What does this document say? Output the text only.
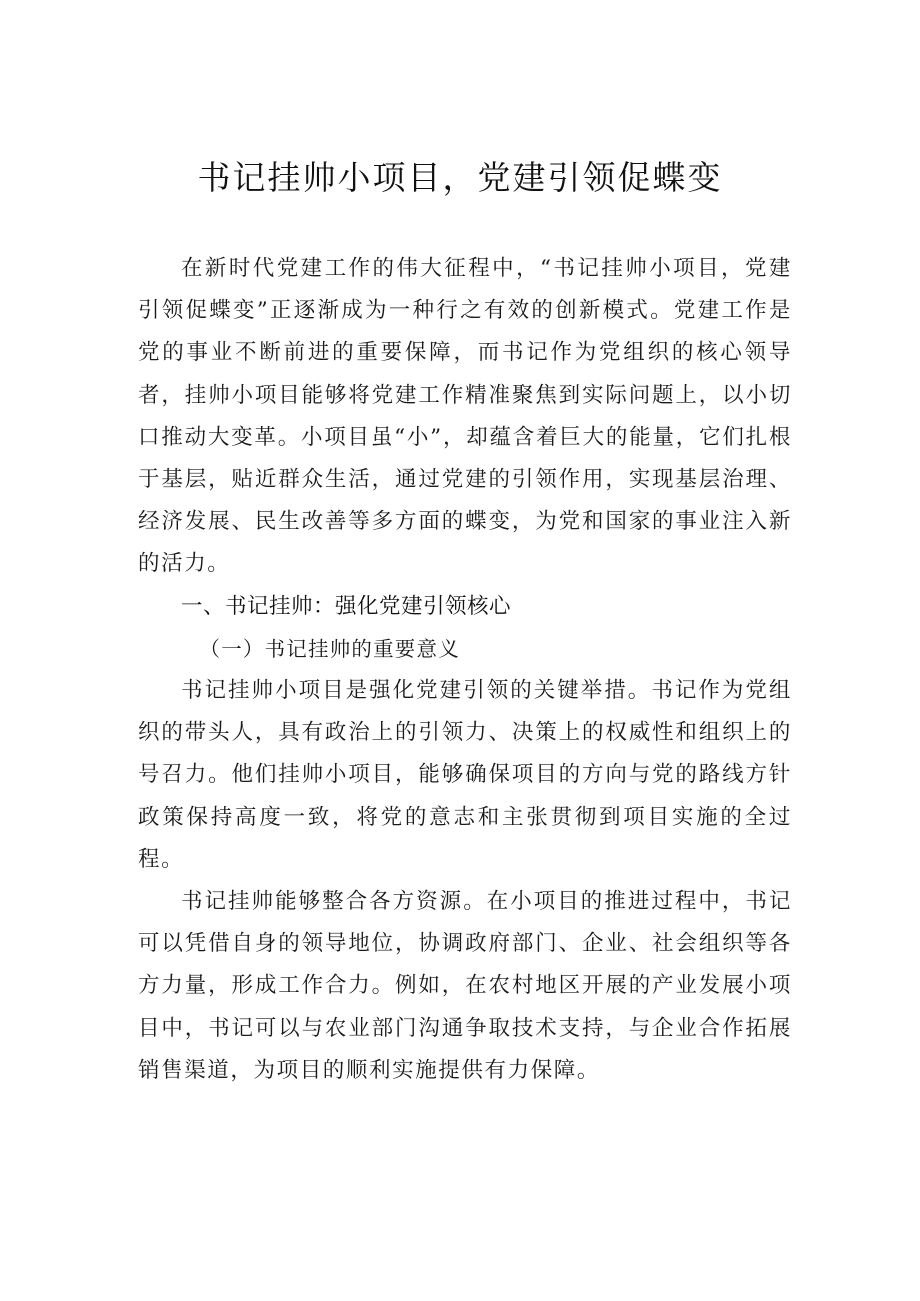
书记挂帅小项目，党建引领促蝶变

在新时代党建工作的伟大征程中，“书记挂帅小项目，党建引领促蝶变”正逐渐成为一种行之有效的创新模式。党建工作是党的事业不断前进的重要保障，而书记作为党组织的核心领导者，挂帅小项目能够将党建工作精准聚焦到实际问题上，以小切口推动大变革。小项目虽“小”，却蕴含着巨大的能量，它们扎根于基层，贴近群众生活，通过党建的引领作用，实现基层治理、经济发展、民生改善等多方面的蝶变，为党和国家的事业注入新的活力。

一、书记挂帅：强化党建引领核心

（一）书记挂帅的重要意义

书记挂帅小项目是强化党建引领的关键举措。书记作为党组织的带头人，具有政治上的引领力、决策上的权威性和组织上的号召力。他们挂帅小项目，能够确保项目的方向与党的路线方针政策保持高度一致，将党的意志和主张贯彻到项目实施的全过程。

书记挂帅能够整合各方资源。在小项目的推进过程中，书记可以凭借自身的领导地位，协调政府部门、企业、社会组织等各方力量，形成工作合力。例如，在农村地区开展的产业发展小项目中，书记可以与农业部门沟通争取技术支持，与企业合作拓展销售渠道，为项目的顺利实施提供有力保障。
